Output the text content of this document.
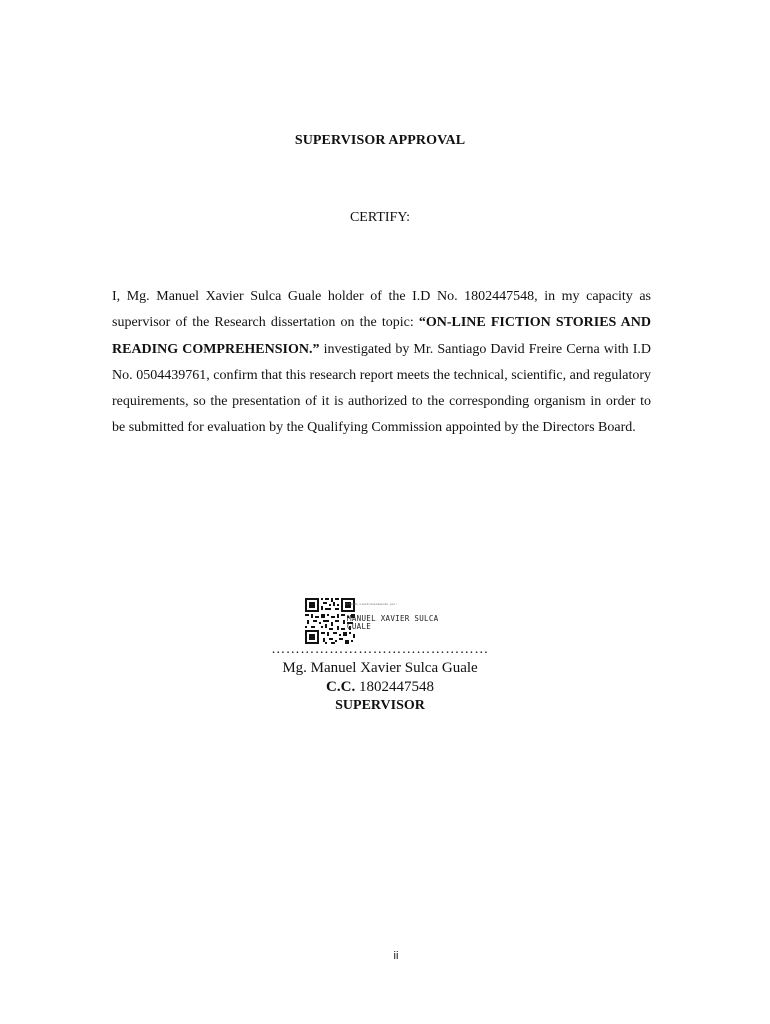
SUPERVISOR APPROVAL
CERTIFY:
I, Mg. Manuel Xavier Sulca Guale holder of the I.D No. 1802447548, in my capacity as supervisor of the Research dissertation on the topic: “ON-LINE FICTION STORIES AND READING COMPREHENSION.” investigated by Mr. Santiago David Freire Cerna with I.D No. 0504439761, confirm that this research report meets the technical, scientific, and regulatory requirements, so the presentation of it is authorized to the corresponding organism in order to be submitted for evaluation by the Qualifying Commission appointed by the Directors Board.
Firmado electrónicamente por:
MANUEL XAVIER SULCA
GUALE
………………………………………
Mg. Manuel Xavier Sulca Guale
C.C. 1802447548
SUPERVISOR
ii
